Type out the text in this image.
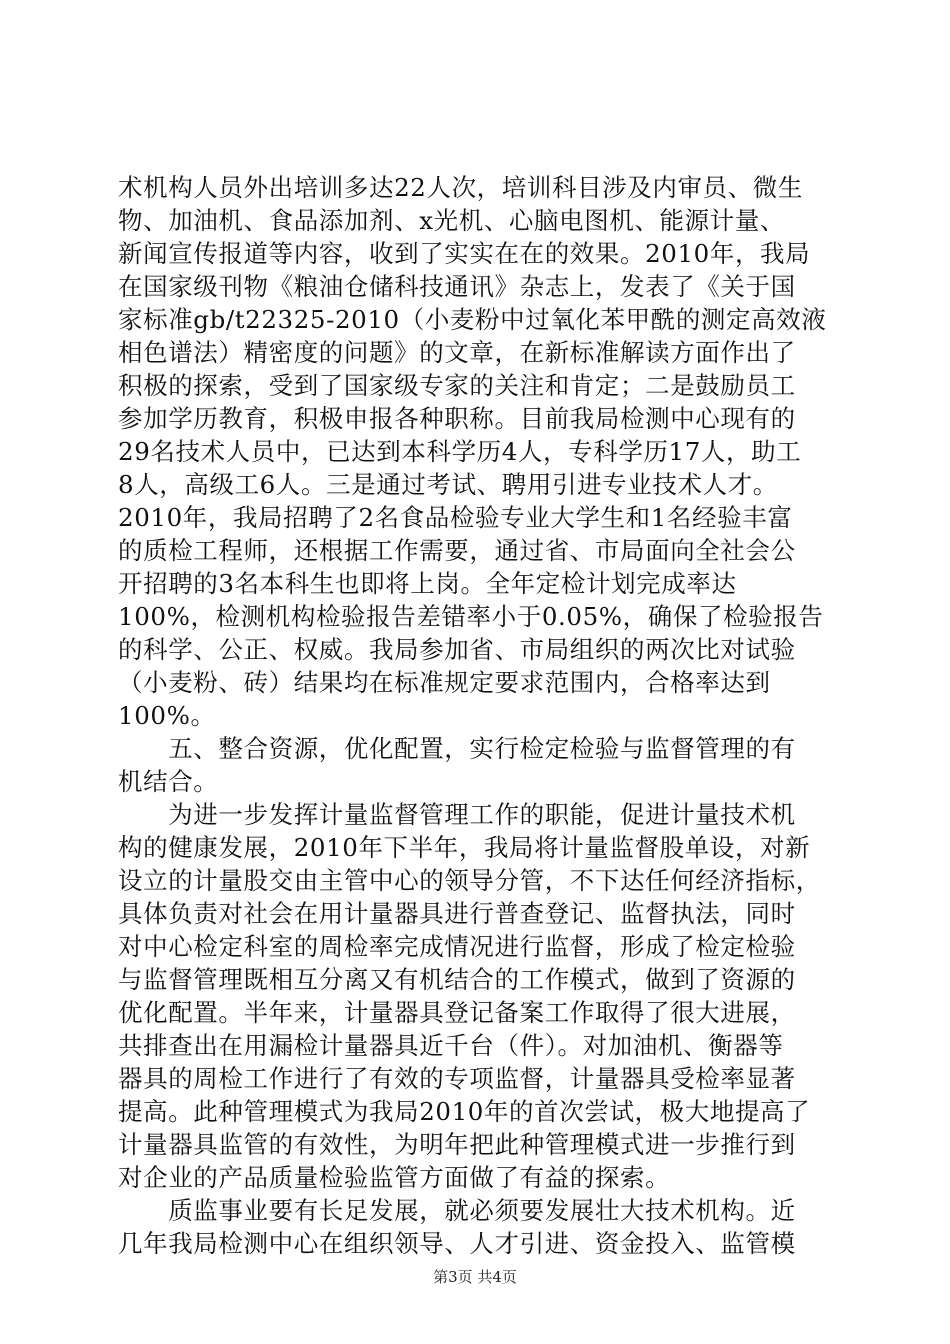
术机构人员外出培训多达22人次，培训科目涉及内审员、微生
物、加油机、食品添加剂、x光机、心脑电图机、能源计量、
新闻宣传报道等内容，收到了实实在在的效果。2010年，我局
在国家级刊物《粮油仓储科技通讯》杂志上，发表了《关于国
家标准gb/t22325-2010（小麦粉中过氧化苯甲酰的测定高效液
相色谱法）精密度的问题》的文章，在新标准解读方面作出了
积极的探索，受到了国家级专家的关注和肯定；二是鼓励员工
参加学历教育，积极申报各种职称。目前我局检测中心现有的
29名技术人员中，已达到本科学历4人，专科学历17人，助工
8人，高级工6人。三是通过考试、聘用引进专业技术人才。
2010年，我局招聘了2名食品检验专业大学生和1名经验丰富
的质检工程师，还根据工作需要，通过省、市局面向全社会公
开招聘的3名本科生也即将上岗。全年定检计划完成率达
100%，检测机构检验报告差错率小于0.05%，确保了检验报告
的科学、公正、权威。我局参加省、市局组织的两次比对试验
（小麦粉、砖）结果均在标准规定要求范围内，合格率达到
100%。
　　五、整合资源，优化配置，实行检定检验与监督管理的有
机结合。
　　为进一步发挥计量监督管理工作的职能，促进计量技术机
构的健康发展，2010年下半年，我局将计量监督股单设，对新
设立的计量股交由主管中心的领导分管，不下达任何经济指标，
具体负责对社会在用计量器具进行普查登记、监督执法，同时
对中心检定科室的周检率完成情况进行监督，形成了检定检验
与监督管理既相互分离又有机结合的工作模式，做到了资源的
优化配置。半年来，计量器具登记备案工作取得了很大进展，
共排查出在用漏检计量器具近千台（件）。对加油机、衡器等
器具的周检工作进行了有效的专项监督，计量器具受检率显著
提高。此种管理模式为我局2010年的首次尝试，极大地提高了
计量器具监管的有效性，为明年把此种管理模式进一步推行到
对企业的产品质量检验监管方面做了有益的探索。
　　质监事业要有长足发展，就必须要发展壮大技术机构。近
几年我局检测中心在组织领导、人才引进、资金投入、监管模
第3页 共4页
